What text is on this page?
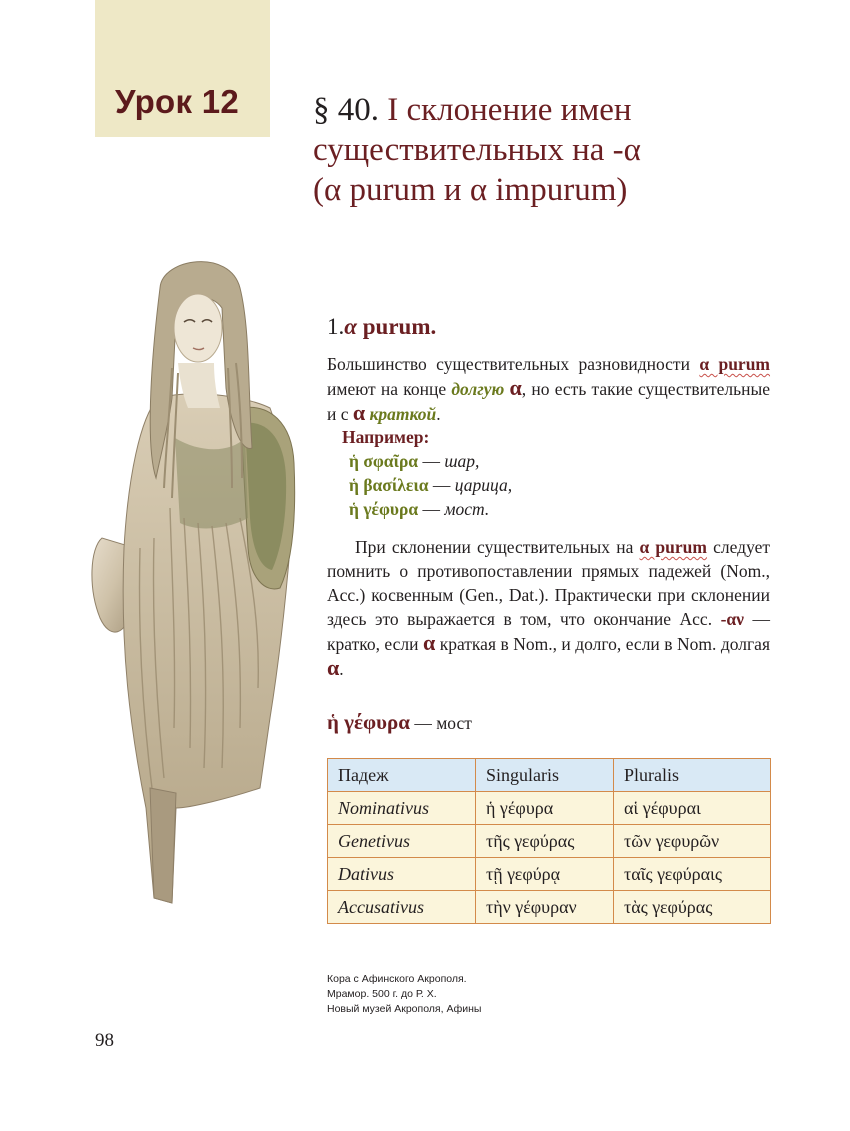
Урок 12 § 40. I склонение имен
существительных на -α
(α purum и α impurum)
1.α purum.
Большинство существительных разновидности α purum имеют на конце долгую α, но есть такие существительные и с α краткой.
Например:
ἡ σφαῖρα — шар,
ἡ βασίλεια — царица,
ἡ γέφυρα — мост.
При склонении существительных на α purum следует помнить о противопоставлении прямых падежей (Nom., Acc.) косвенным (Gen., Dat.). Практически при склонении здесь это выражается в том, что окончание Acc. -αν — кратко, если α краткая в Nom., и долго, если в Nom. долгая α.
ἡ γέφυρα — мост
Падеж	Singularis	Pluralis
Nominativus	ἡ γέφυρα	αἱ γέφυραι
Genetivus	τῆς γεφύρας	τῶν γεφυρῶν
Dativus	τῇ γεφύρᾳ	ταῖς γεφύραις
Accusativus	τὴν γέφυραν	τὰς γεφύρας
Кора с Афинского Акрополя.
Мрамор. 500 г. до Р. Х.
Новый музей Акрополя, Афины
98
